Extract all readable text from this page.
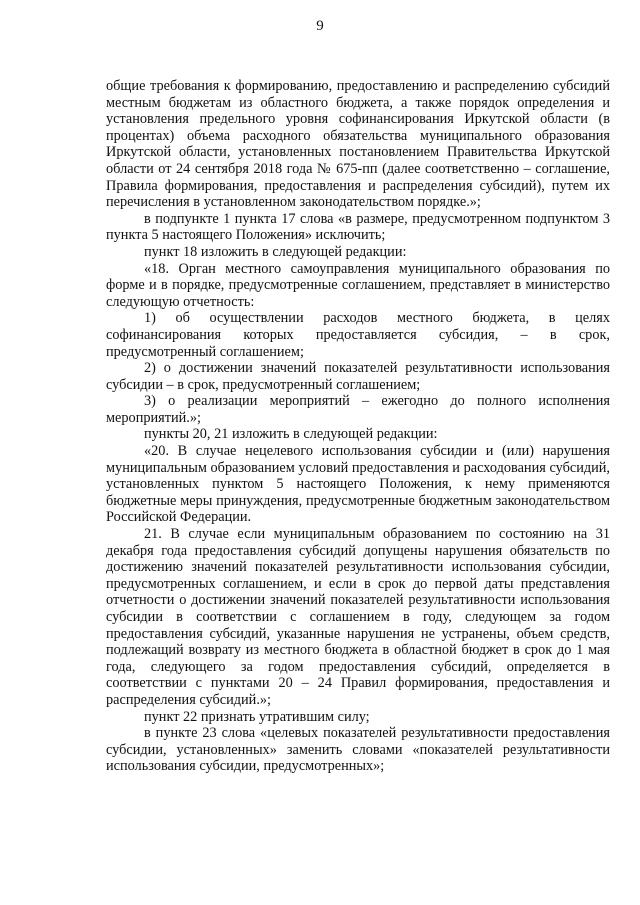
9

общие требования к формированию, предоставлению и распределению субсидий местным бюджетам из областного бюджета, а также порядок определения и установления предельного уровня софинансирования Иркутской области (в процентах) объема расходного обязательства муниципального образования Иркутской области, установленных постановлением Правительства Иркутской области от 24 сентября 2018 года № 675-пп (далее соответственно – соглашение, Правила формирования, предоставления и распределения субсидий), путем их перечисления в установленном законодательством порядке.»;

в подпункте 1 пункта 17 слова «в размере, предусмотренном подпунктом 3 пункта 5 настоящего Положения» исключить;

пункт 18 изложить в следующей редакции:

«18. Орган местного самоуправления муниципального образования по форме и в порядке, предусмотренные соглашением, представляет в министерство следующую отчетность:

1) об осуществлении расходов местного бюджета, в целях софинансирования которых предоставляется субсидия, – в срок, предусмотренный соглашением;

2) о достижении значений показателей результативности использования субсидии – в срок, предусмотренный соглашением;

3) о реализации мероприятий – ежегодно до полного исполнения мероприятий.»;

пункты 20, 21 изложить в следующей редакции:

«20. В случае нецелевого использования субсидии и (или) нарушения муниципальным образованием условий предоставления и расходования субсидий, установленных пунктом 5 настоящего Положения, к нему применяются бюджетные меры принуждения, предусмотренные бюджетным законодательством Российской Федерации.

21. В случае если муниципальным образованием по состоянию на 31 декабря года предоставления субсидий допущены нарушения обязательств по достижению значений показателей результативности использования субсидии, предусмотренных соглашением, и если в срок до первой даты представления отчетности о достижении значений показателей результативности использования субсидии в соответствии с соглашением в году, следующем за годом предоставления субсидий, указанные нарушения не устранены, объем средств, подлежащий возврату из местного бюджета в областной бюджет в срок до 1 мая года, следующего за годом предоставления субсидий, определяется в соответствии с пунктами 20 – 24 Правил формирования, предоставления и распределения субсидий.»;

пункт 22 признать утратившим силу;

в пункте 23 слова «целевых показателей результативности предоставления субсидии, установленных» заменить словами «показателей результативности использования субсидии, предусмотренных»;
